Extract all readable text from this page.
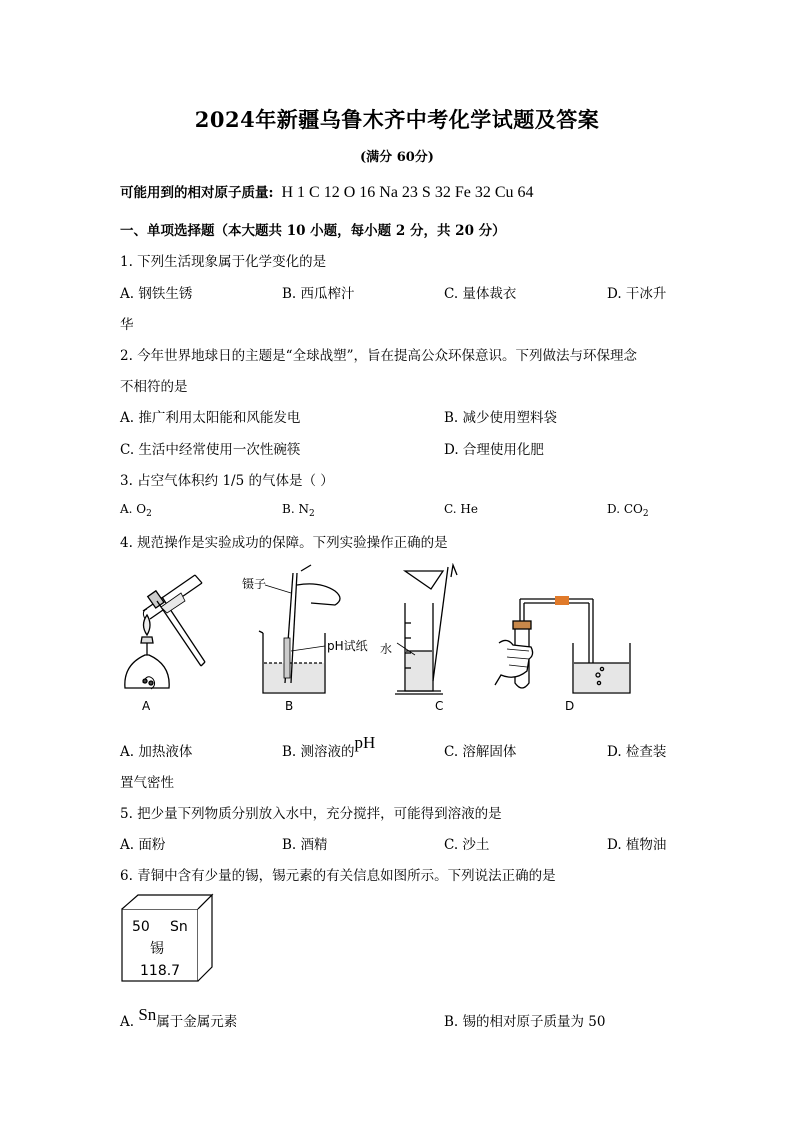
2024年新疆乌鲁木齐中考化学试题及答案
(满分 60分)
可能用到的相对原子质量: H 1 C 12 O 16 Na 23 S 32 Fe 32 Cu 64
一、单项选择题（本大题共 10 小题，每小题 2 分，共 20 分）
1. 下列生活现象属于化学变化的是
A. 钢铁生锈	B. 西瓜榨汁	C. 量体裁衣	D. 干冰升
华
2. 今年世界地球日的主题是“全球战塑”，旨在提高公众环保意识。下列做法与环保理念
不相符的是
A. 推广利用太阳能和风能发电	B. 减少使用塑料袋
C. 生活中经常使用一次性碗筷	D. 合理使用化肥
3. 占空气体积约 1/5 的气体是（ ）
A. $O_2$	B. $N_2$	C. He	D. $CO_2$
4. 规范操作是实验成功的保障。下列实验操作正确的是
镊子
pH试纸 水
A	B	C	D
A. 加热液体	B. 测溶液的pH	C. 溶解固体	D. 检查装
置气密性
5. 把少量下列物质分别放入水中，充分搅拌，可能得到溶液的是
A. 面粉	B. 酒精	C. 沙土	D. 植物油
6. 青铜中含有少量的锡，锡元素的有关信息如图所示。下列说法正确的是
50 Sn
锡
118.7
A. Sn属于金属元素	B. 锡的相对原子质量为 50
